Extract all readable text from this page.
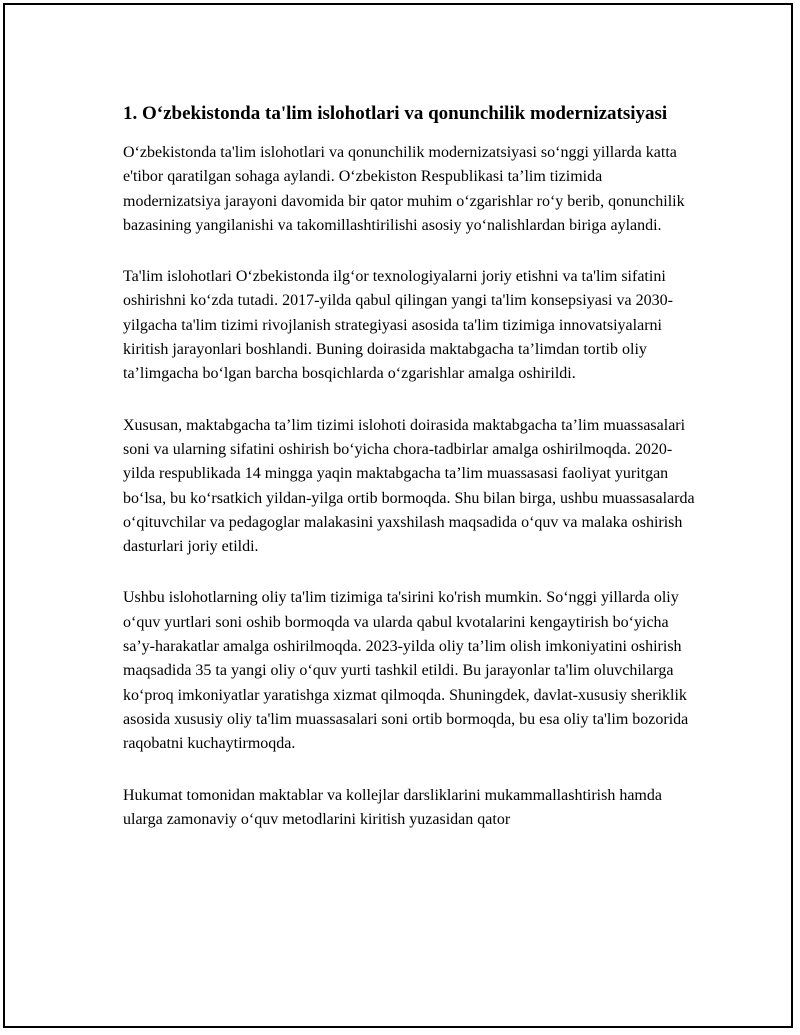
1. O‘zbekistonda ta'lim islohotlari va qonunchilik modernizatsiyasi

O‘zbekistonda ta'lim islohotlari va qonunchilik modernizatsiyasi so‘nggi yillarda katta e'tibor qaratilgan sohaga aylandi. O‘zbekiston Respublikasi ta’lim tizimida modernizatsiya jarayoni davomida bir qator muhim o‘zgarishlar ro‘y berib, qonunchilik bazasining yangilanishi va takomillashtirilishi asosiy yo‘nalishlardan biriga aylandi.

Ta'lim islohotlari O‘zbekistonda ilg‘or texnologiyalarni joriy etishni va ta'lim sifatini oshirishni ko‘zda tutadi. 2017-yilda qabul qilingan yangi ta'lim konsepsiyasi va 2030-yilgacha ta'lim tizimi rivojlanish strategiyasi asosida ta'lim tizimiga innovatsiyalarni kiritish jarayonlari boshlandi. Buning doirasida maktabgacha ta’limdan tortib oliy ta’limgacha bo‘lgan barcha bosqichlarda o‘zgarishlar amalga oshirildi.

Xususan, maktabgacha ta’lim tizimi islohoti doirasida maktabgacha ta’lim muassasalari soni va ularning sifatini oshirish bo‘yicha chora-tadbirlar amalga oshirilmoqda. 2020-yilda respublikada 14 mingga yaqin maktabgacha ta’lim muassasasi faoliyat yuritgan bo‘lsa, bu ko‘rsatkich yildan-yilga ortib bormoqda. Shu bilan birga, ushbu muassasalarda o‘qituvchilar va pedagoglar malakasini yaxshilash maqsadida o‘quv va malaka oshirish dasturlari joriy etildi.

Ushbu islohotlarning oliy ta'lim tizimiga ta'sirini ko'rish mumkin. So‘nggi yillarda oliy o‘quv yurtlari soni oshib bormoqda va ularda qabul kvotalarini kengaytirish bo‘yicha sa’y-harakatlar amalga oshirilmoqda. 2023-yilda oliy ta’lim olish imkoniyatini oshirish maqsadida 35 ta yangi oliy o‘quv yurti tashkil etildi. Bu jarayonlar ta'lim oluvchilarga ko‘proq imkoniyatlar yaratishga xizmat qilmoqda. Shuningdek, davlat-xususiy sheriklik asosida xususiy oliy ta'lim muassasalari soni ortib bormoqda, bu esa oliy ta'lim bozorida raqobatni kuchaytirmoqda.

Hukumat tomonidan maktablar va kollejlar darsliklarini mukammallashtirish hamda ularga zamonaviy o‘quv metodlarini kiritish yuzasidan qator
